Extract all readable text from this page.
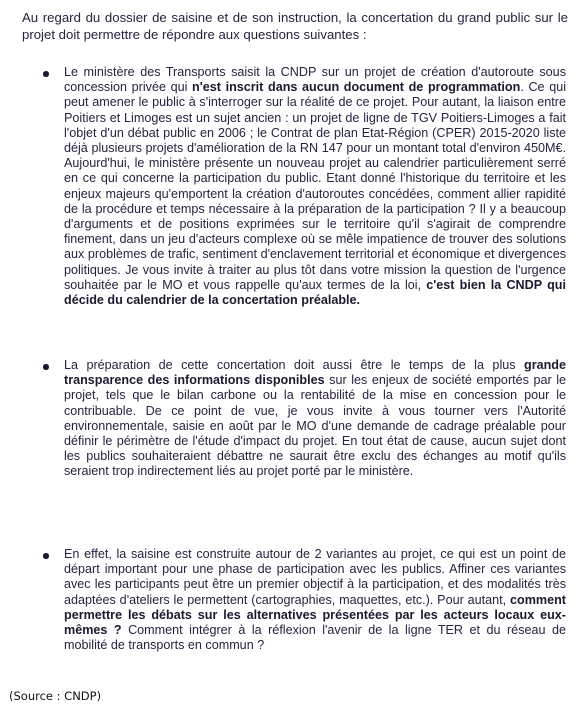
Au regard du dossier de saisine et de son instruction, la concertation du grand public sur le projet doit permettre de répondre aux questions suivantes :

Le ministère des Transports saisit la CNDP sur un projet de création d'autoroute sous concession privée qui n'est inscrit dans aucun document de programmation. Ce qui peut amener le public à s'interroger sur la réalité de ce projet. Pour autant, la liaison entre Poitiers et Limoges est un sujet ancien : un projet de ligne de TGV Poitiers-Limoges a fait l'objet d'un débat public en 2006 ; le Contrat de plan Etat-Région (CPER) 2015-2020 liste déjà plusieurs projets d'amélioration de la RN 147 pour un montant total d'environ 450M€. Aujourd'hui, le ministère présente un nouveau projet au calendrier particulièrement serré en ce qui concerne la participation du public. Etant donné l'historique du territoire et les enjeux majeurs qu'emportent la création d'autoroutes concédées, comment allier rapidité de la procédure et temps nécessaire à la préparation de la participation ? Il y a beaucoup d'arguments et de positions exprimées sur le territoire qu'il s'agirait de comprendre finement, dans un jeu d'acteurs complexe où se mêle impatience de trouver des solutions aux problèmes de trafic, sentiment d'enclavement territorial et économique et divergences politiques. Je vous invite à traiter au plus tôt dans votre mission la question de l'urgence souhaitée par le MO et vous rappelle qu'aux termes de la loi, c'est bien la CNDP qui décide du calendrier de la concertation préalable.

La préparation de cette concertation doit aussi être le temps de la plus grande transparence des informations disponibles sur les enjeux de société emportés par le projet, tels que le bilan carbone ou la rentabilité de la mise en concession pour le contribuable. De ce point de vue, je vous invite à vous tourner vers l'Autorité environnementale, saisie en août par le MO d'une demande de cadrage préalable pour définir le périmètre de l'étude d'impact du projet. En tout état de cause, aucun sujet dont les publics souhaiteraient débattre ne saurait être exclu des échanges au motif qu'ils seraient trop indirectement liés au projet porté par le ministère.

En effet, la saisine est construite autour de 2 variantes au projet, ce qui est un point de départ important pour une phase de participation avec les publics. Affiner ces variantes avec les participants peut être un premier objectif à la participation, et des modalités très adaptées d'ateliers le permettent (cartographies, maquettes, etc.). Pour autant, comment permettre les débats sur les alternatives présentées par les acteurs locaux eux-mêmes ? Comment intégrer à la réflexion l'avenir de la ligne TER et du réseau de mobilité de transports en commun ?

(Source : CNDP)
